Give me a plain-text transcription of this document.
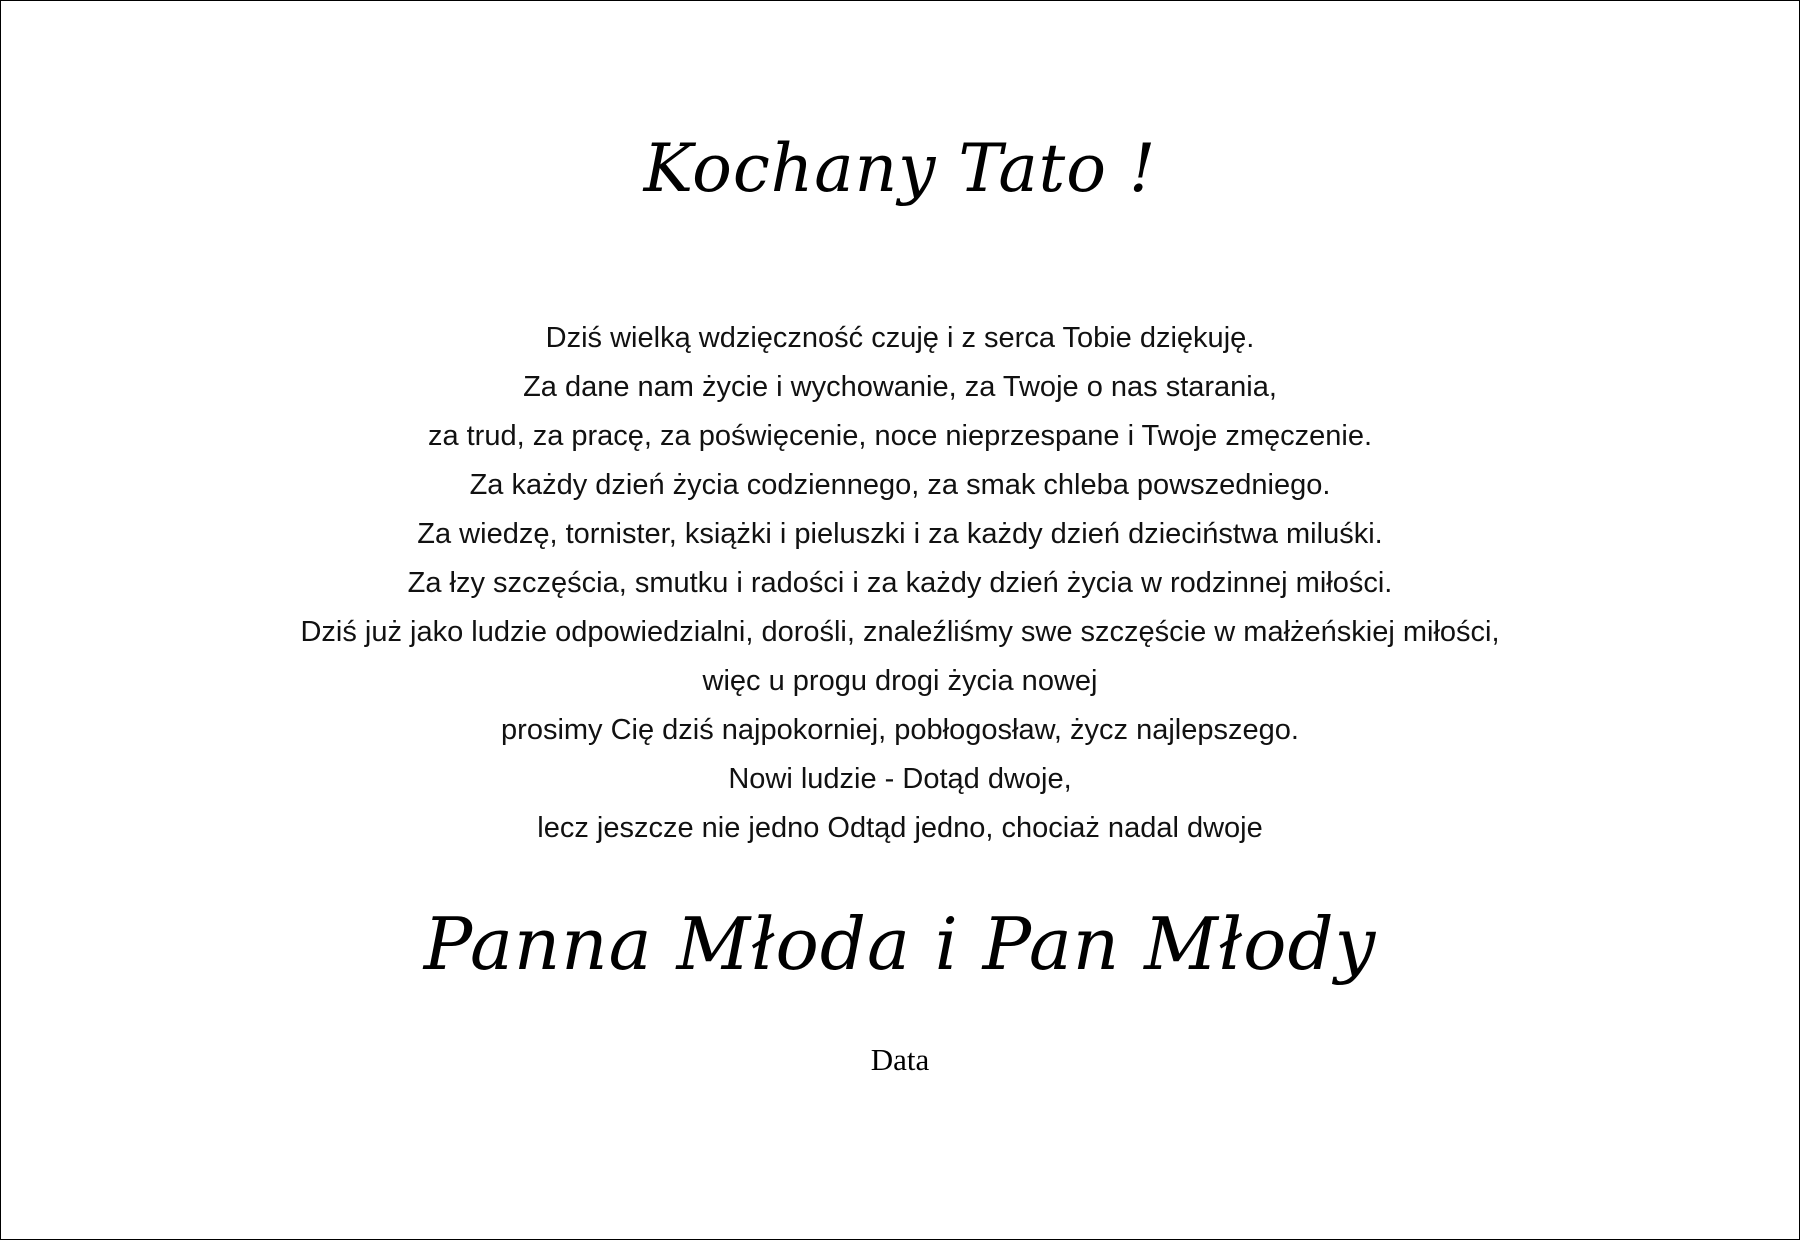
Kochany Tato !
Dziś wielką wdzięczność czuję i z serca Tobie dziękuję.
Za dane nam życie i wychowanie, za Twoje o nas starania,
za trud, za pracę, za poświęcenie, noce nieprzespane i Twoje zmęczenie.
Za każdy dzień życia codziennego, za smak chleba powszedniego.
Za wiedzę, tornister, książki i pieluszki i za każdy dzień dzieciństwa miluśki.
Za łzy szczęścia, smutku i radości i za każdy dzień życia w rodzinnej miłości.
Dziś już jako ludzie odpowiedzialni, dorośli, znaleźliśmy swe szczęście w małżeńskiej miłości,
więc u progu drogi życia nowej
prosimy Cię dziś najpokorniej, pobłogosław, życz najlepszego.
Nowi ludzie - Dotąd dwoje,
lecz jeszcze nie jedno Odtąd jedno, chociaż nadal dwoje
Panna Młoda i Pan Młody
Data
